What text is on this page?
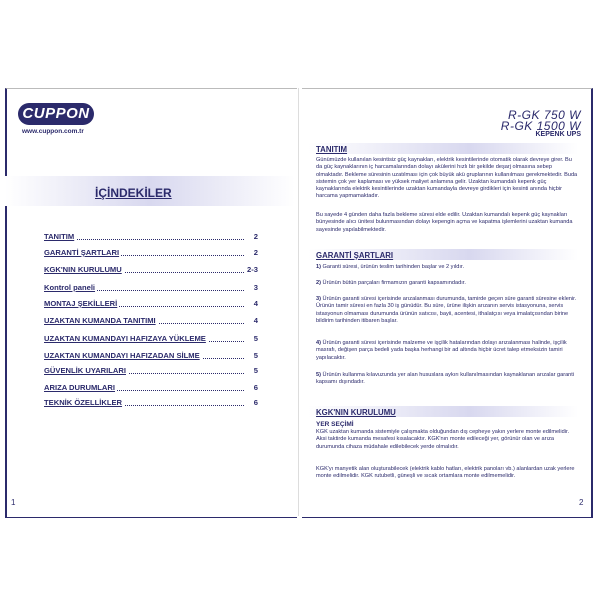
CUPPON
www.cuppon.com.tr
İÇİNDEKİLER
TANITIM	2
GARANTİ ŞARTLARI	2
KGK'NIN KURULUMU	2-3
Kontrol paneli	3
MONTAJ ŞEKİLLERİ	4
UZAKTAN KUMANDA TANITIMI	4
UZAKTAN KUMANDAYI HAFIZAYA YÜKLEME	5
UZAKTAN KUMANDAYI HAFIZADAN SİLME	5
GÜVENLİK UYARILARI	5
ARIZA DURUMLARI	6
TEKNİK ÖZELLİKLER	6
1
R-GK 750 W
R-GK 1500 W
KEPENK UPS
TANITIM
Günümüzde kullanılan kesintisiz güç kaynakları, elektrik kesintilerinde otomatik olarak devreye girer. Bu da güç kaynaklarının iç harcamalarından dolayı akülerini hızlı bir şekilde deşarj olmasına sebep olmaktadır. Bekleme süresinin uzatılması için çok büyük akü gruplarının kullanılması gerekmektedir. Buda sistemin çok yer kaplaması ve yüksek maliyet anlamına gelir. Uzaktan kumandalı kepenk güç kaynaklarında elektrik kesintilerinde uzaktan kumandayla devreye girdikleri için kesinti anında hiçbir harcama yapmamaktadır.
Bu sayede 4 günden daha fazla bekleme süresi elde edilir. Uzaktan kumandalı kepenk güç kaynakları bünyesinde alıcı ünitesi bulunmasından dolayı kepengin açma ve kapatma işlemlerini uzaktan kumanda sayesinde yapılabilmektedir.
GARANTİ ŞARTLARI
1) Garanti süresi, ürünün teslim tarihinden başlar ve 2 yıldır.
2) Ürünün bütün parçaları firmamızın garanti kapsamındadır.
3) Ürünün garanti süresi içerisinde arızalanması durumunda, tamirde geçen süre garanti süresine eklenir. Ürünün tamir süresi en fazla 30 iş günüdür. Bu süre, ürüne ilişkin arızanın servis istasyonuna, servis istasyonun olmaması durumunda ürünün satıcısı, bayii, acentesi, ithalatçısı veya imalatçısından birine bildirim tarihinden itibaren başlar.
4) Ürünün garanti süresi içerisinde malzeme ve işçilik hatalarından dolayı arızalanması halinde, işçilik masrafı, değişen parça bedeli yada başka herhangi bir ad altında hiçbir ücret talep etmeksizin tamiri yapılacaktır.
5) Ürünün kullanma kılavuzunda yer alan hususlara aykırı kullanılmasından kaynaklanan arızalar garanti kapsamı dışındadır.
KGK'NIN KURULUMU
YER SEÇİMİ
KGK uzaktan kumanda sistemiyle çalışmakta olduğundan dış cepheye yakın yerlere monte edilmelidir. Aksi taktirde kumanda mesafesi kısalacaktır. KGK'nın monte edileceği yer, görünür olan ve arıza durumunda cihaza müdahale edilebilecek yerde olmalıdır.
KGK'yı manyetik alan oluşturabilecek (elektrik kablo hatları, elektrik panoları vb.) alanlardan uzak yerlere monte edilmelidir. KGK rutubetli, güneşli ve sıcak ortamlara monte edilmemelidir.
2
